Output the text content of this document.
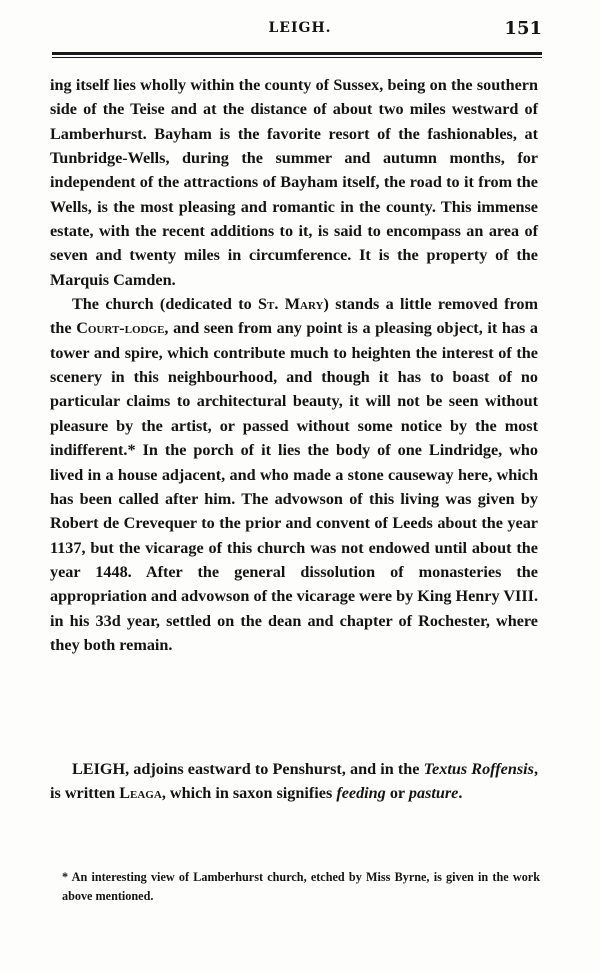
LEIGH.	151

ing itself lies wholly within the county of Sussex, being on the southern side of the Teise and at the distance of about two miles westward of Lamberhurst. Bayham is the favorite resort of the fashionables, at Tunbridge-Wells, during the summer and autumn months, for independent of the attractions of Bayham itself, the road to it from the Wells, is the most pleasing and romantic in the county. This immense estate, with the recent additions to it, is said to encompass an area of seven and twenty miles in circumference. It is the property of the Marquis Camden.

The church (dedicated to St. Mary) stands a little removed from the Court-lodge, and seen from any point is a pleasing object, it has a tower and spire, which contribute much to heighten the interest of the scenery in this neighbourhood, and though it has to boast of no particular claims to architectural beauty, it will not be seen without pleasure by the artist, or passed without some notice by the most indifferent.* In the porch of it lies the body of one Lindridge, who lived in a house adjacent, and who made a stone causeway here, which has been called after him. The advowson of this living was given by Robert de Crevequer to the prior and convent of Leeds about the year 1137, but the vicarage of this church was not endowed until about the year 1448. After the general dissolution of monasteries the appropriation and advowson of the vicarage were by King Henry VIII. in his 33d year, settled on the dean and chapter of Rochester, where they both remain.

LEIGH, adjoins eastward to Penshurst, and in the Textus Roffensis, is written Leaga, which in saxon signifies feeding or pasture.
* An interesting view of Lamberhurst church, etched by Miss Byrne, is given in the work above mentioned.
